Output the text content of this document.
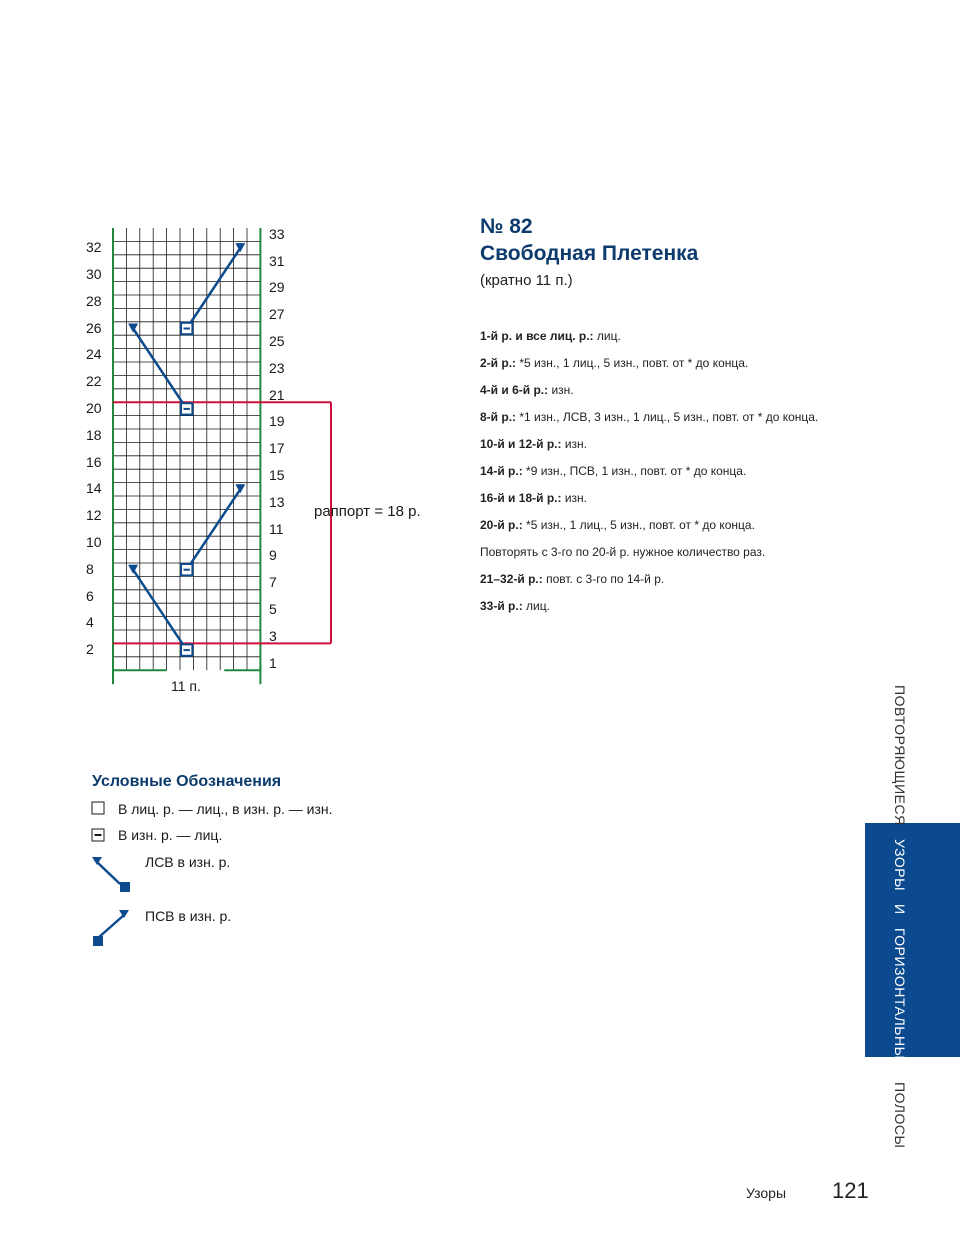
32
30
28
26
24
22
20
18
16
14
12
10
8
6
4
2
33
31
29
27
25
23
21
19
17
15
13
11
9
7
5
3
1
11 п.
раппорт = 18 р.
№ 82
Свободная Плетенка
(кратно 11 п.)
1-й р. и все лиц. р.: лиц.
2-й р.: *5 изн., 1 лиц., 5 изн., повт. от * до конца.
4-й и 6-й р.: изн.
8-й р.: *1 изн., ЛСВ, 3 изн., 1 лиц., 5 изн., повт. от * до конца.
10-й и 12-й р.: изн.
14-й р.: *9 изн., ПСВ, 1 изн., повт. от * до конца.
16-й и 18-й р.: изн.
20-й р.: *5 изн., 1 лиц., 5 изн., повт. от * до конца.
Повторять с 3-го по 20-й р. нужное количество раз.
21–32-й р.: повт. с 3-го по 14-й р.
33-й р.: лиц.
Условные Обозначения
В лиц. р. — лиц., в изн. р. — изн.
В изн. р. — лиц.
ЛСВ в изн. р.
ПСВ в изн. р.
ПОВТОРЯЮЩИЕСЯ   УЗОРЫ   И   ГОРИЗОНТАЛЬНЫЕ   ПОЛОСЫ
Узоры 121
